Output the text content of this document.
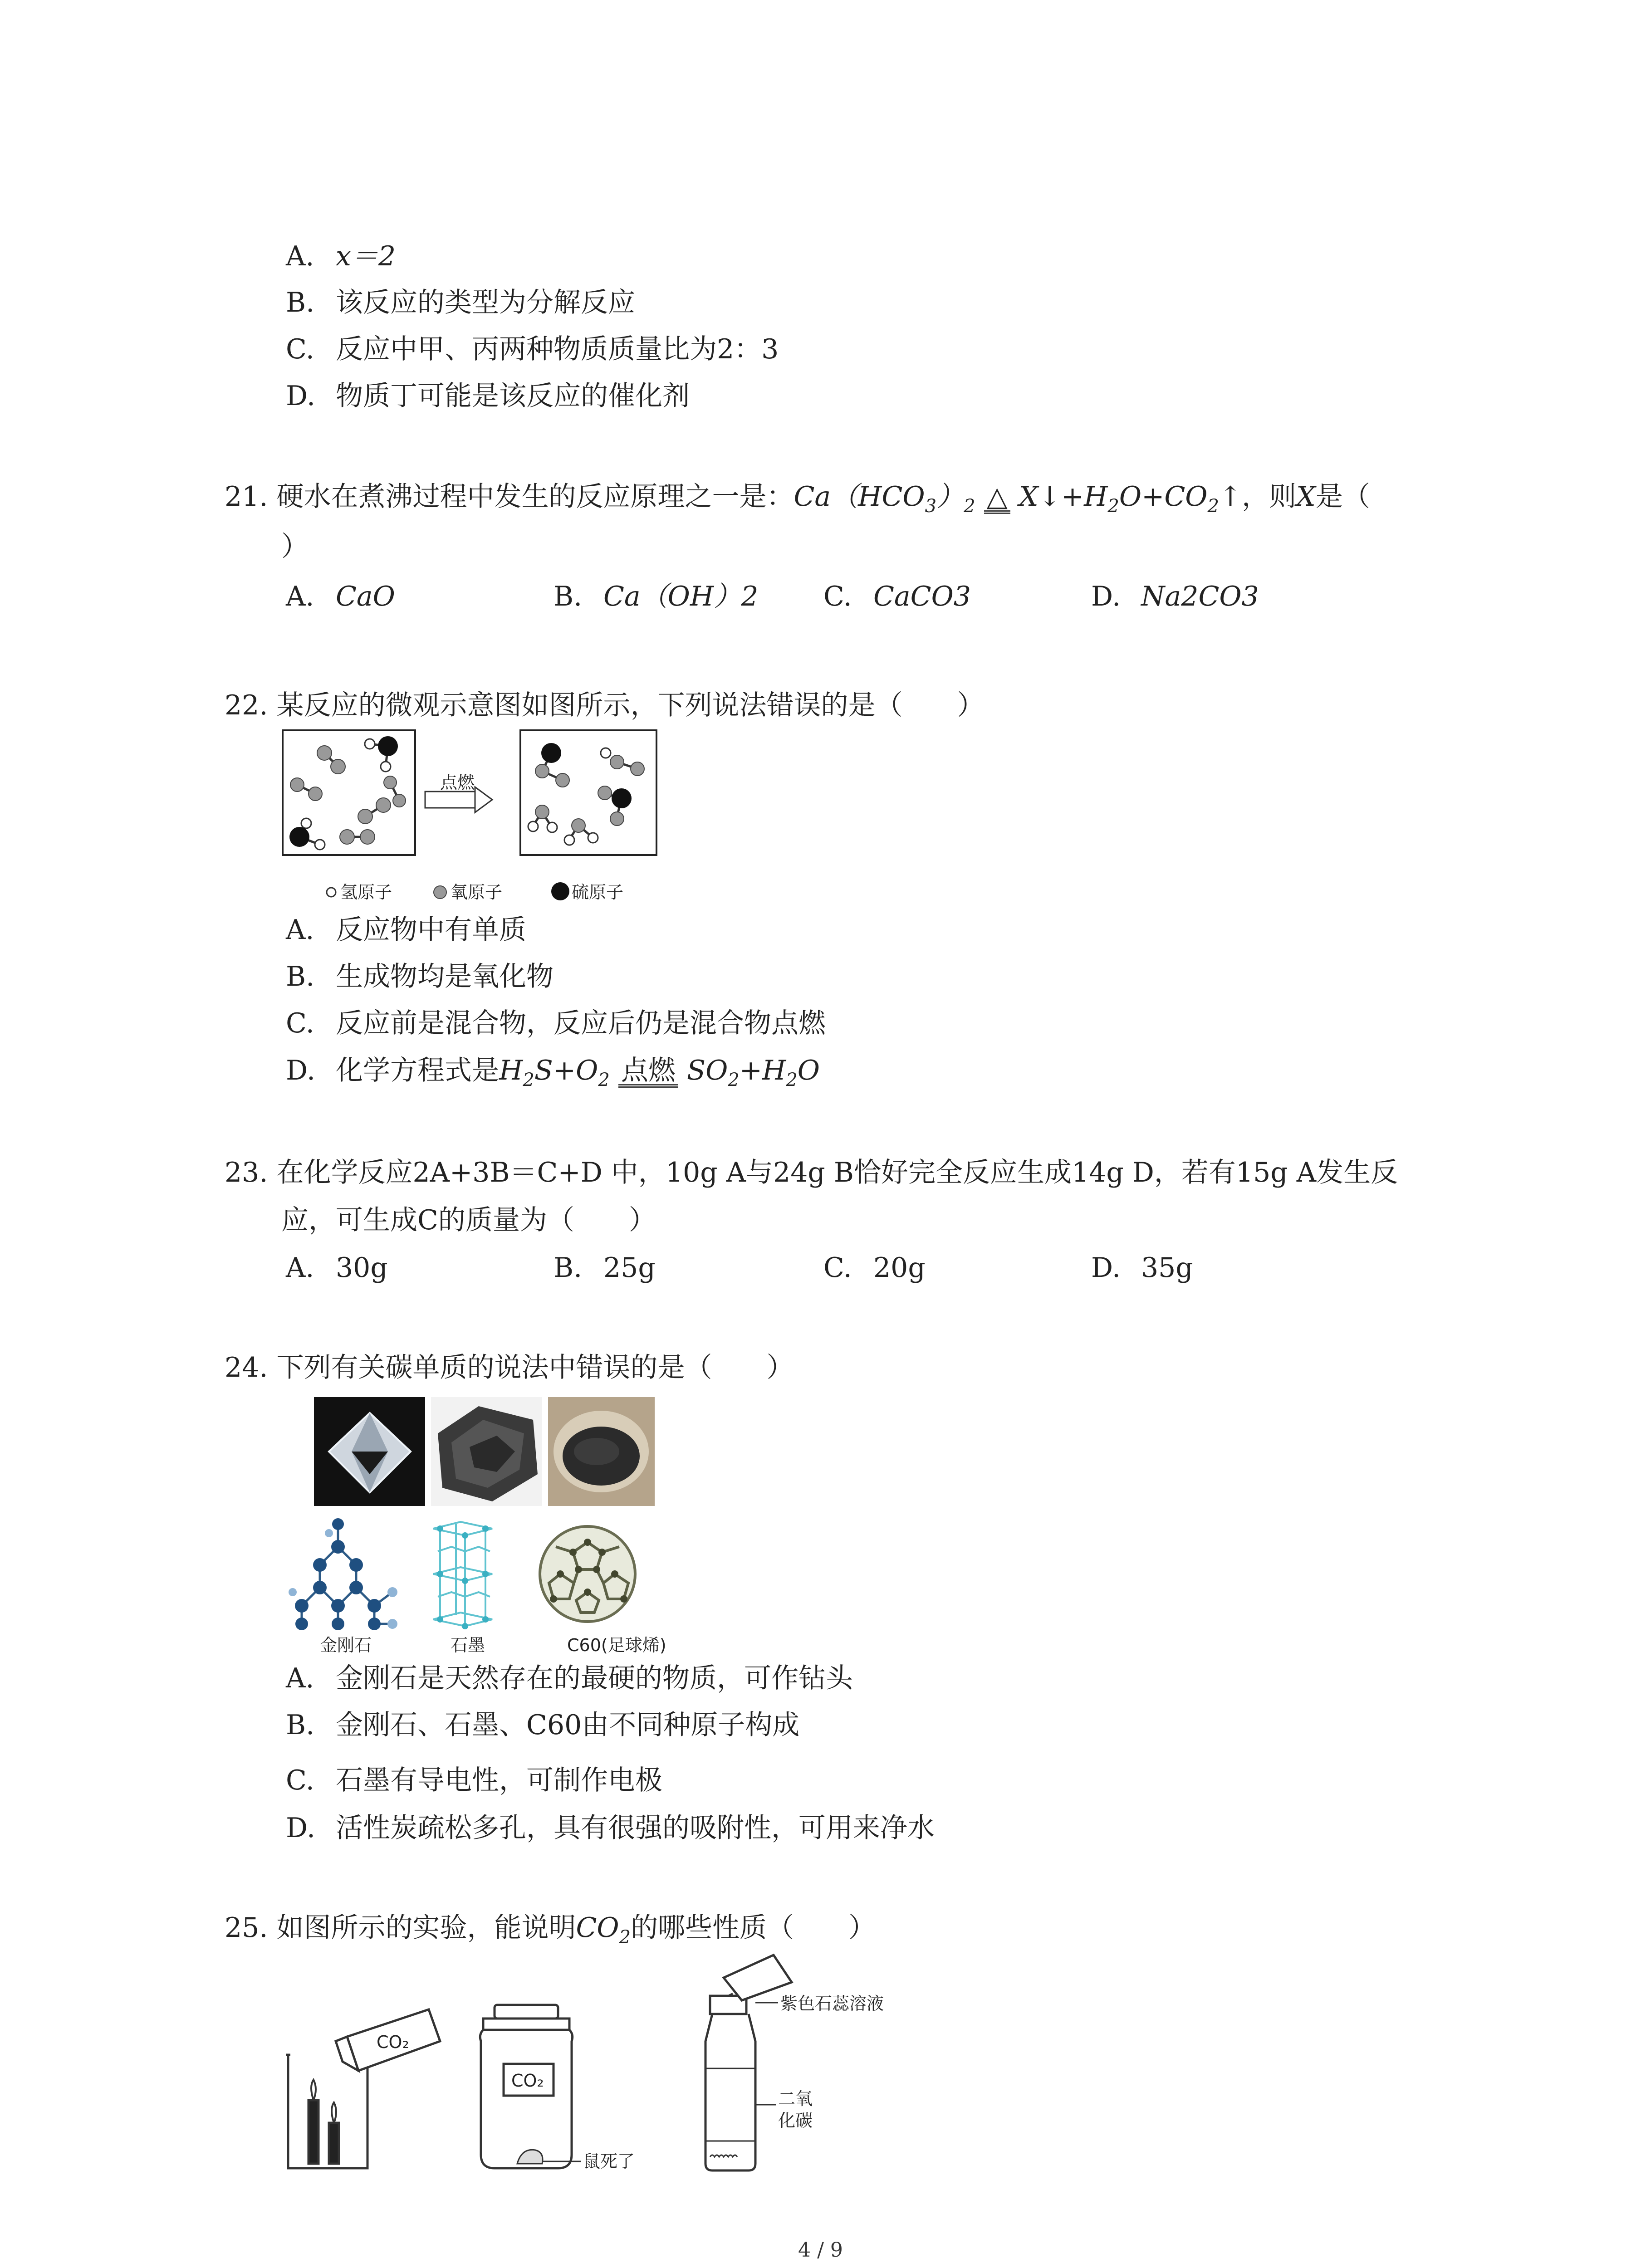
A. x＝2
B. 该反应的类型为分解反应
C. 反应中甲、丙两种物质质量比为2：3
D. 物质丁可能是该反应的催化剂
21. 硬水在煮沸过程中发生的反应原理之一是：$Ca(HCO_3)_2$ △ $X↓+H_2O+CO_2↑$，则X是（
）
A. CaO	B. Ca（OH）2 C. CaCO3	D. Na2CO3
22. 某反应的微观示意图如图所示，下列说法错误的是（　　）
点燃
氢原子	氧原子	硫原子
A. 反应物中有单质
B. 生成物均是氧化物
C. 反应前是混合物，反应后仍是混合物点燃
D. 化学方程式是$H_2S+O_2$ 点燃 $SO_2+H_2O$
23. 在化学反应2A+3B＝C+D 中，10g A与24g B恰好完全反应生成14g D，若有15g A发生反
应，可生成C的质量为（　　）
A. 30g	B. 25g	C. 20g	D. 35g
24. 下列有关碳单质的说法中错误的是（　　）
金刚石	石墨	C60(足球烯)
A. 金刚石是天然存在的最硬的物质，可作钻头
B. 金刚石、石墨、C60由不同种原子构成
C. 石墨有导电性，可制作电极
D. 活性炭疏松多孔，具有很强的吸附性，可用来净水
25. 如图所示的实验，能说明$CO_2$的哪些性质（　　）
CO₂
CO₂
鼠死了
紫色石蕊溶液
二氧
化碳
4 / 9
